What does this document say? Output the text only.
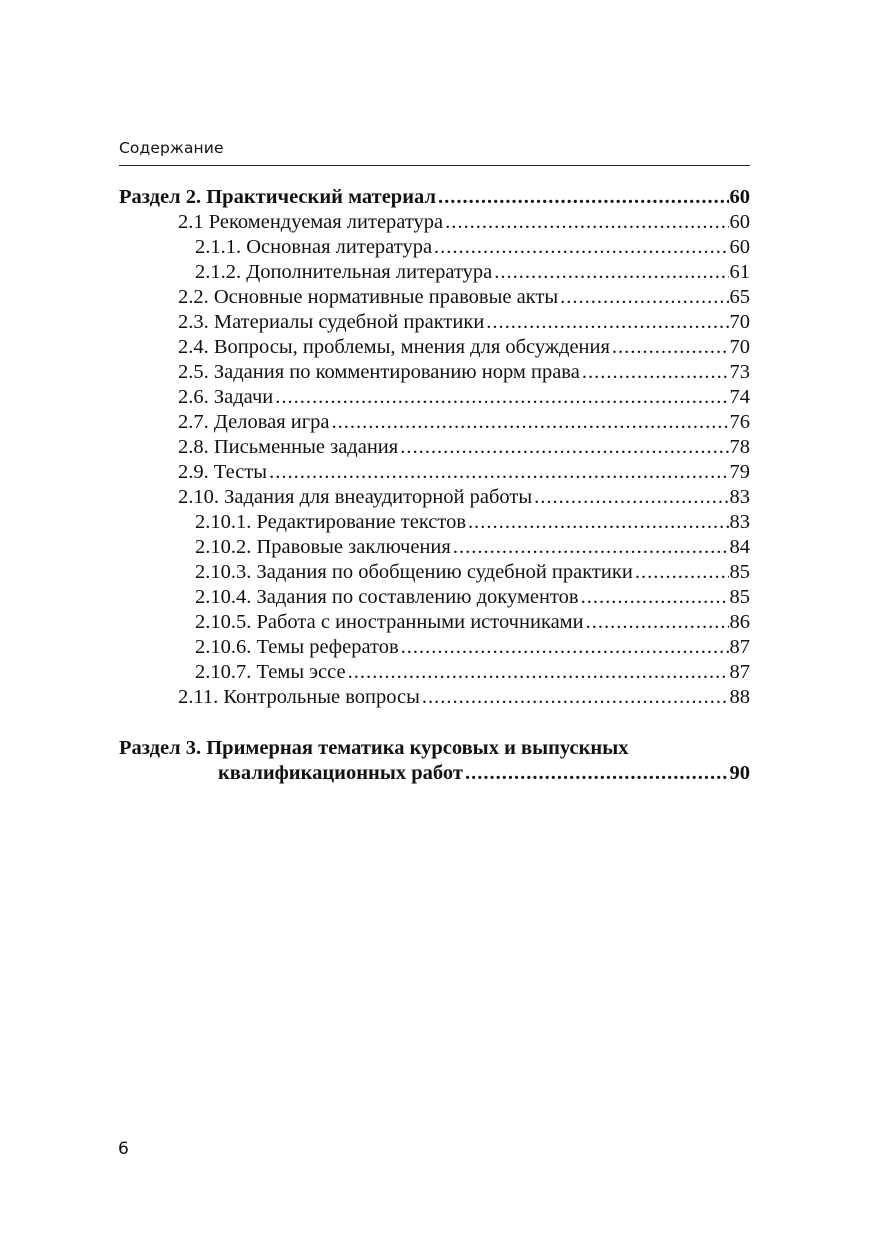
Содержание
Раздел 2. Практический материал .....	60
2.1 Рекомендуемая литература .....	60
2.1.1. Основная литература .....	60
2.1.2. Дополнительная литература .....	61
2.2. Основные нормативные правовые акты .....	65
2.3. Материалы судебной практики .....	70
2.4. Вопросы, проблемы, мнения для обсуждения .....	70
2.5. Задания по комментированию норм права .....	73
2.6. Задачи .....	74
2.7. Деловая игра .....	76
2.8. Письменные задания .....	78
2.9. Тесты .....	79
2.10. Задания для внеаудиторной работы .....	83
2.10.1. Редактирование текстов .....	83
2.10.2. Правовые заключения .....	84
2.10.3. Задания по обобщению судебной практики .....	85
2.10.4. Задания по составлению документов .....	85
2.10.5. Работа с иностранными источниками .....	86
2.10.6. Темы рефератов .....	87
2.10.7. Темы эссе .....	87
2.11. Контрольные вопросы .....	88
Раздел 3. Примерная тематика курсовых и выпускных
квалификационных работ .....	90
6
